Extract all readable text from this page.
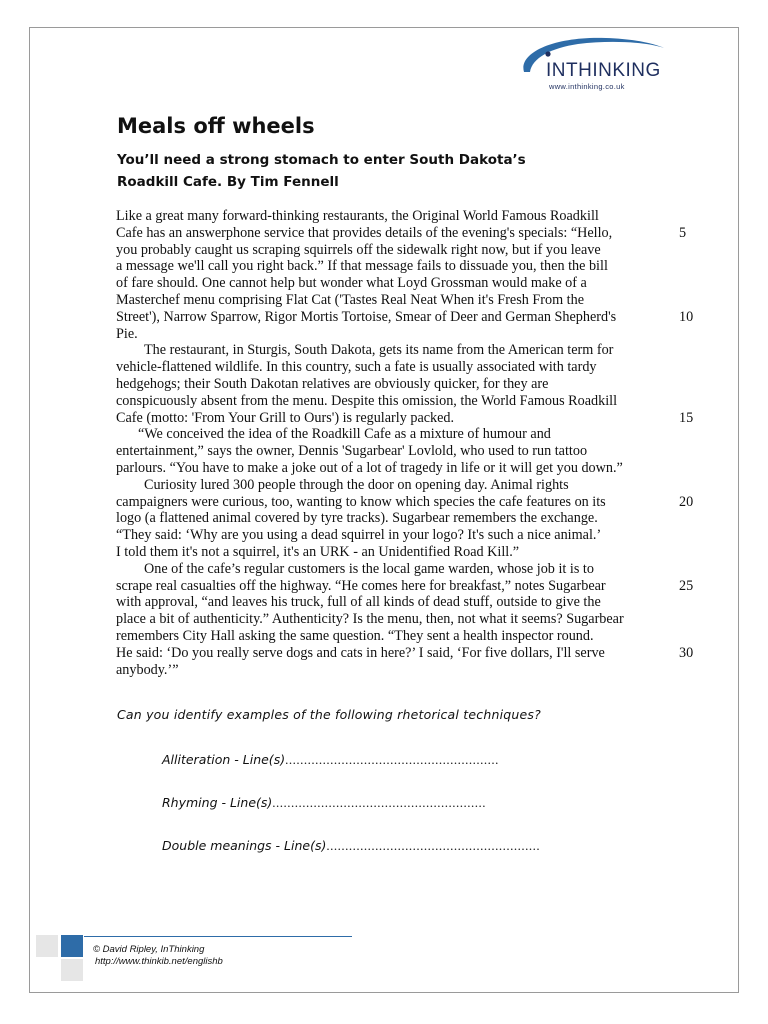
INTHINKING
www.inthinking.co.uk
Meals off wheels
You’ll need a strong stomach to enter South Dakota’s
Roadkill Cafe. By Tim Fennell
Like a great many forward-thinking restaurants, the Original World Famous Roadkill
Cafe has an answerphone service that provides details of the evening's specials: “Hello,	5
you probably caught us scraping squirrels off the sidewalk right now, but if you leave
a message we'll call you right back.” If that message fails to dissuade you, then the bill
of fare should. One cannot help but wonder what Loyd Grossman would make of a
Masterchef menu comprising Flat Cat ('Tastes Real Neat When it's Fresh From the
Street'), Narrow Sparrow, Rigor Mortis Tortoise, Smear of Deer and German Shepherd's	10
Pie.
The restaurant, in Sturgis, South Dakota, gets its name from the American term for
vehicle-flattened wildlife. In this country, such a fate is usually associated with tardy
hedgehogs; their South Dakotan relatives are obviously quicker, for they are
conspicuously absent from the menu. Despite this omission, the World Famous Roadkill
Cafe (motto: 'From Your Grill to Ours') is regularly packed.	15
“We conceived the idea of the Roadkill Cafe as a mixture of humour and
entertainment,” says the owner, Dennis 'Sugarbear' Lovlold, who used to run tattoo
parlours. “You have to make a joke out of a lot of tragedy in life or it will get you down.”
Curiosity lured 300 people through the door on opening day. Animal rights
campaigners were curious, too, wanting to know which species the cafe features on its	20
logo (a flattened animal covered by tyre tracks). Sugarbear remembers the exchange.
“They said: ‘Why are you using a dead squirrel in your logo? It's such a nice animal.’
I told them it's not a squirrel, it's an URK - an Unidentified Road Kill.”
One of the cafe’s regular customers is the local game warden, whose job it is to
scrape real casualties off the highway. “He comes here for breakfast,” notes Sugarbear	25
with approval, “and leaves his truck, full of all kinds of dead stuff, outside to give the
place a bit of authenticity.” Authenticity? Is the menu, then, not what it seems? Sugarbear
remembers City Hall asking the same question. “They sent a health inspector round.
He said: ‘Do you really serve dogs and cats in here?’ I said, ‘For five dollars, I'll serve	30
anybody.’”
Can you identify examples of the following rhetorical techniques?
Alliteration - Line(s).........................................................
Rhyming - Line(s).........................................................
Double meanings - Line(s).........................................................
© David Ripley, InThinking
http://www.thinkib.net/englishb
